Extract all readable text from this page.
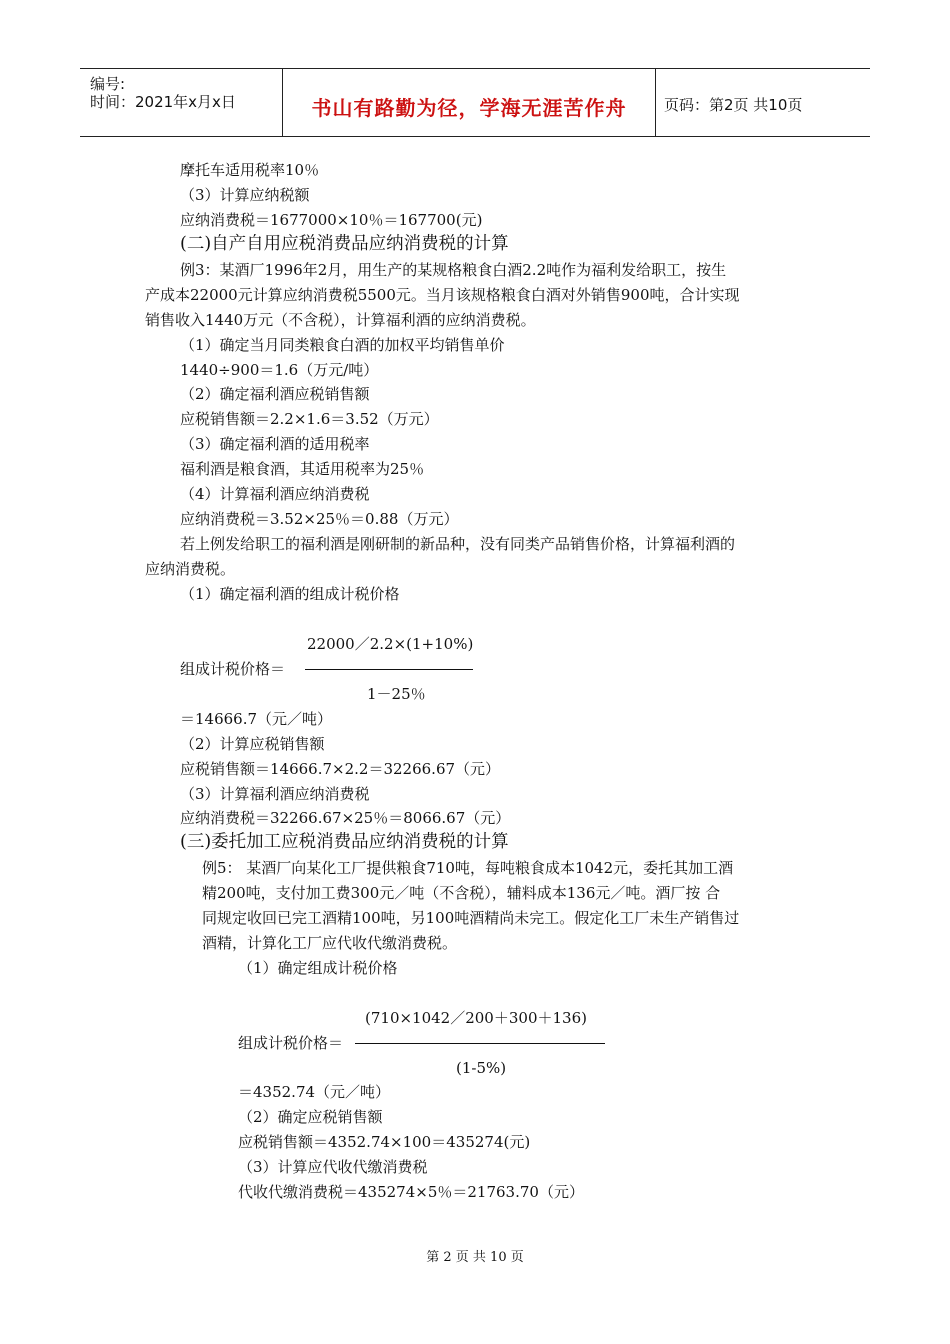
编号:
时间：2021年x月x日	书山有路勤为径，学海无涯苦作舟	页码：第2页 共10页
摩托车适用税率10％
（3）计算应纳税额
应纳消费税＝1677000×10％＝167700(元)
(二)自产自用应税消费品应纳消费税的计算
例3：某酒厂1996年2月，用生产的某规格粮食白酒2.2吨作为福利发给职工，按生
产成本22000元计算应纳消费税5500元。当月该规格粮食白酒对外销售900吨，合计实现
销售收入1440万元（不含税），计算福利酒的应纳消费税。
（1）确定当月同类粮食白酒的加权平均销售单价
1440÷900＝1.6（万元/吨）
（2）确定福利酒应税销售额
应税销售额＝2.2×1.6＝3.52（万元）
（3）确定福利酒的适用税率
福利酒是粮食酒，其适用税率为25％
（4）计算福利酒应纳消费税
应纳消费税＝3.52×25％＝0.88（万元）
若上例发给职工的福利酒是刚研制的新品种，没有同类产品销售价格，计算福利酒的
应纳消费税。
（1）确定福利酒的组成计税价格
22000／2.2×(1+10%)
组成计税价格＝
1－25％
＝14666.7（元／吨）
（2）计算应税销售额
应税销售额＝14666.7×2.2＝32266.67（元）
（3）计算福利酒应纳消费税
应纳消费税＝32266.67×25％＝8066.67（元）
(三)委托加工应税消费品应纳消费税的计算
例5： 某酒厂向某化工厂提供粮食710吨，每吨粮食成本1042元，委托其加工酒
精200吨，支付加工费300元／吨（不含税），辅料成本136元／吨。酒厂按 合
同规定收回已完工酒精100吨，另100吨酒精尚未完工。假定化工厂未生产销售过
酒精，计算化工厂应代收代缴消费税。
（1）确定组成计税价格
(710×1042／200＋300＋136)
组成计税价格＝
(1-5%)
＝4352.74（元／吨）
（2）确定应税销售额
应税销售额＝4352.74×100＝435274(元)
（3）计算应代收代缴消费税
代收代缴消费税＝435274×5％＝21763.70（元）
第 2 页 共 10 页
